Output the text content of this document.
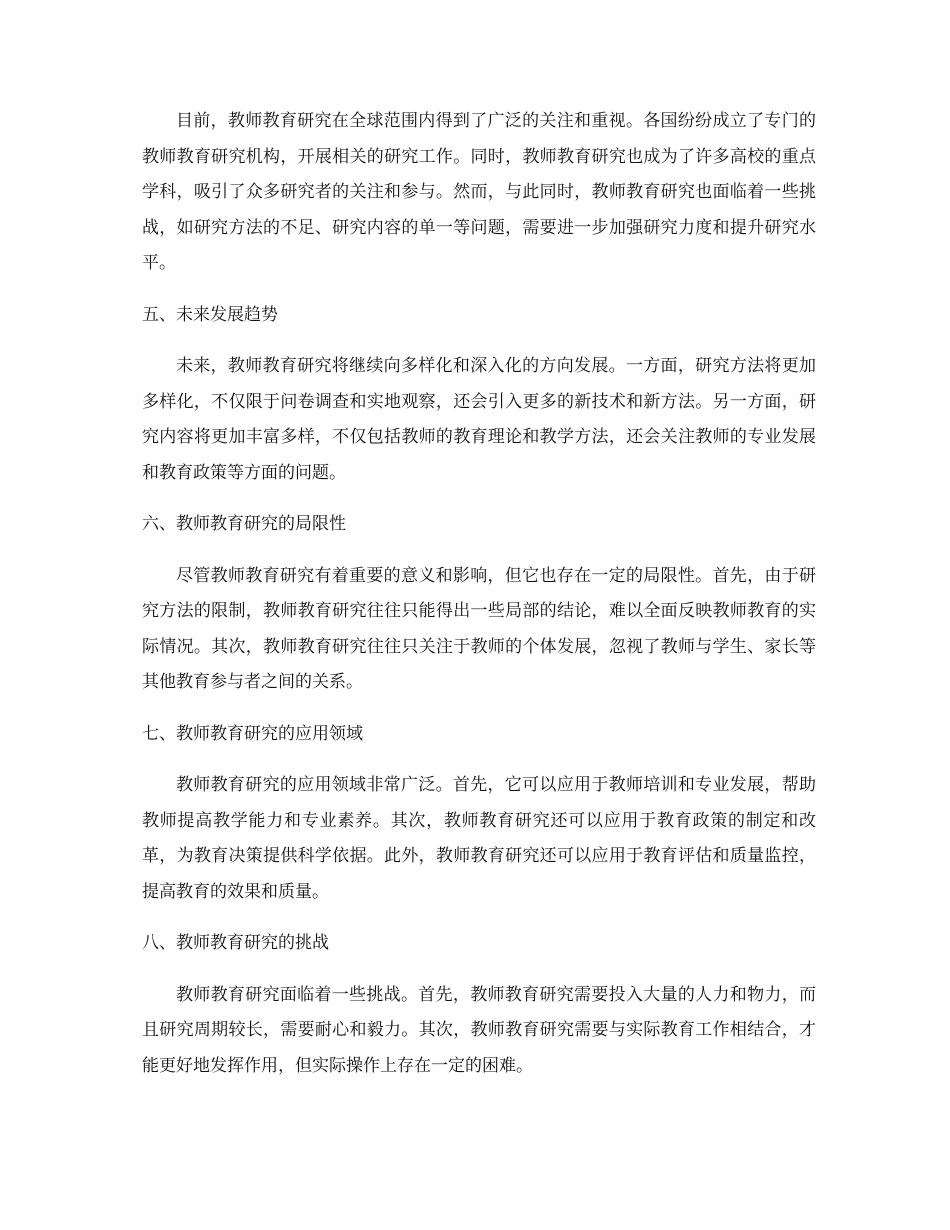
目前，教师教育研究在全球范围内得到了广泛的关注和重视。各国纷纷成立了专门的教师教育研究机构，开展相关的研究工作。同时，教师教育研究也成为了许多高校的重点学科，吸引了众多研究者的关注和参与。然而，与此同时，教师教育研究也面临着一些挑战，如研究方法的不足、研究内容的单一等问题，需要进一步加强研究力度和提升研究水平。

五、未来发展趋势

未来，教师教育研究将继续向多样化和深入化的方向发展。一方面，研究方法将更加多样化，不仅限于问卷调查和实地观察，还会引入更多的新技术和新方法。另一方面，研究内容将更加丰富多样，不仅包括教师的教育理论和教学方法，还会关注教师的专业发展和教育政策等方面的问题。

六、教师教育研究的局限性

尽管教师教育研究有着重要的意义和影响，但它也存在一定的局限性。首先，由于研究方法的限制，教师教育研究往往只能得出一些局部的结论，难以全面反映教师教育的实际情况。其次，教师教育研究往往只关注于教师的个体发展，忽视了教师与学生、家长等其他教育参与者之间的关系。

七、教师教育研究的应用领域

教师教育研究的应用领域非常广泛。首先，它可以应用于教师培训和专业发展，帮助教师提高教学能力和专业素养。其次，教师教育研究还可以应用于教育政策的制定和改革，为教育决策提供科学依据。此外，教师教育研究还可以应用于教育评估和质量监控，提高教育的效果和质量。

八、教师教育研究的挑战

教师教育研究面临着一些挑战。首先，教师教育研究需要投入大量的人力和物力，而且研究周期较长，需要耐心和毅力。其次，教师教育研究需要与实际教育工作相结合，才能更好地发挥作用，但实际操作上存在一定的困难。
